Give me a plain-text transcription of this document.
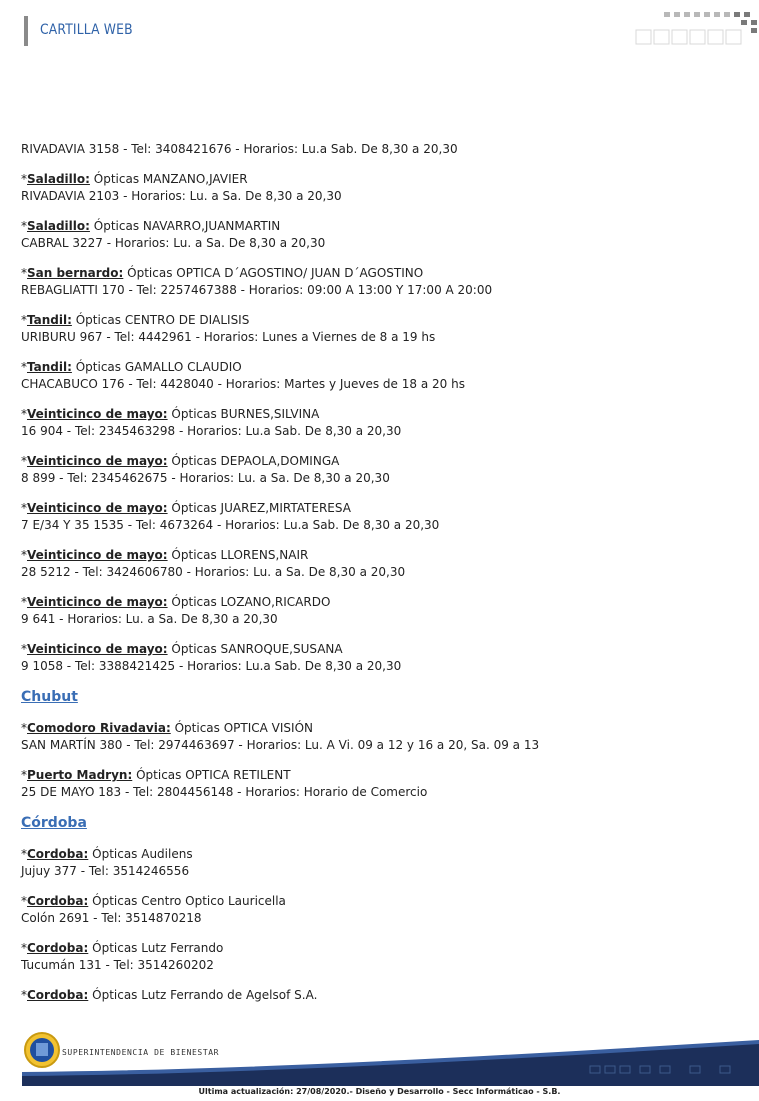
CARTILLA WEB
RIVADAVIA 3158 - Tel: 3408421676 - Horarios: Lu.a Sab. De 8,30 a 20,30
*Saladillo: Ópticas MANZANO,JAVIER
RIVADAVIA 2103 - Horarios: Lu. a Sa. De 8,30 a 20,30
*Saladillo: Ópticas NAVARRO,JUANMARTIN
CABRAL 3227 - Horarios: Lu. a Sa. De 8,30 a 20,30
*San bernardo: Ópticas OPTICA D´AGOSTINO/ JUAN D´AGOSTINO
REBAGLIATTI 170 - Tel: 2257467388 - Horarios: 09:00 A 13:00 Y 17:00 A 20:00
*Tandil: Ópticas CENTRO DE DIALISIS
URIBURU 967 - Tel: 4442961 - Horarios: Lunes a Viernes de 8 a 19 hs
*Tandil: Ópticas GAMALLO CLAUDIO
CHACABUCO 176 - Tel: 4428040 - Horarios: Martes y Jueves de 18 a 20 hs
*Veinticinco de mayo: Ópticas BURNES,SILVINA
16 904 - Tel: 2345463298 - Horarios: Lu.a Sab. De 8,30 a 20,30
*Veinticinco de mayo: Ópticas DEPAOLA,DOMINGA
8 899 - Tel: 2345462675 - Horarios: Lu. a Sa. De 8,30 a 20,30
*Veinticinco de mayo: Ópticas JUAREZ,MIRTATERESA
7 E/34 Y 35 1535 - Tel: 4673264 - Horarios: Lu.a Sab. De 8,30 a 20,30
*Veinticinco de mayo: Ópticas LLORENS,NAIR
28 5212 - Tel: 3424606780 - Horarios: Lu. a Sa. De 8,30 a 20,30
*Veinticinco de mayo: Ópticas LOZANO,RICARDO
9 641 - Horarios: Lu. a Sa. De 8,30 a 20,30
*Veinticinco de mayo: Ópticas SANROQUE,SUSANA
9 1058 - Tel: 3388421425 - Horarios: Lu.a Sab. De 8,30 a 20,30
Chubut
*Comodoro Rivadavia: Ópticas OPTICA VISIÓN
SAN MARTÍN 380 - Tel: 2974463697 - Horarios: Lu. A Vi. 09 a 12 y 16 a 20, Sa. 09 a 13
*Puerto Madryn: Ópticas OPTICA RETILENT
25 DE MAYO 183 - Tel: 2804456148 - Horarios: Horario de Comercio
Córdoba
*Cordoba: Ópticas Audilens
Jujuy 377 - Tel: 3514246556
*Cordoba: Ópticas Centro Optico Lauricella
Colón 2691 - Tel: 3514870218
*Cordoba: Ópticas Lutz Ferrando
Tucumán 131 - Tel: 3514260202
*Cordoba: Ópticas Lutz Ferrando de Agelsof S.A.
SUPERINTENDENCIA DE BIENESTAR
Ultima actualización: 27/08/2020.- Diseño y Desarrollo - Secc Informáticao - S.B.
